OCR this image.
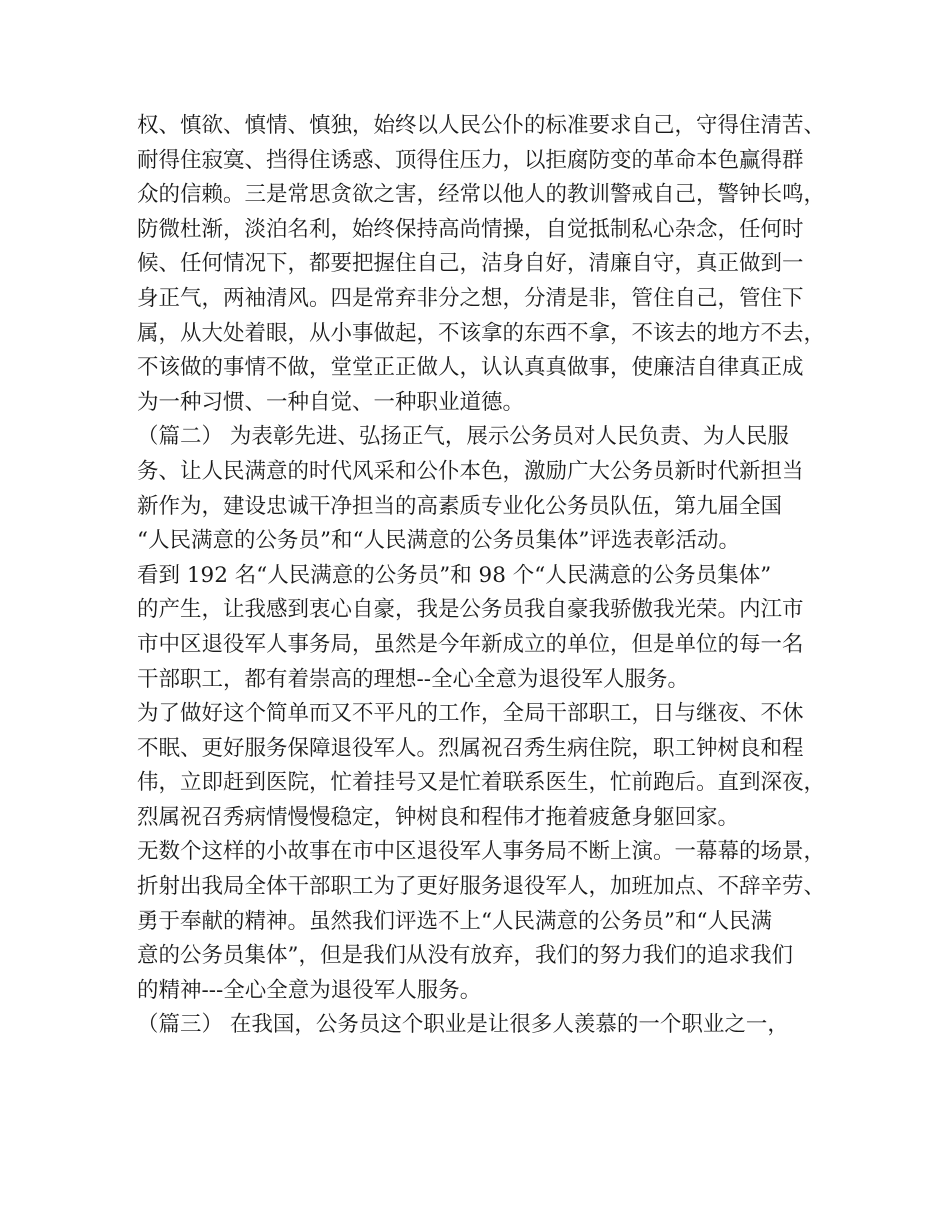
权、慎欲、慎情、慎独，始终以人民公仆的标准要求自己，守得住清苦、
耐得住寂寞、挡得住诱惑、顶得住压力，以拒腐防变的革命本色赢得群
众的信赖。三是常思贪欲之害，经常以他人的教训警戒自己，警钟长鸣，
防微杜渐，淡泊名利，始终保持高尚情操，自觉抵制私心杂念，任何时
候、任何情况下，都要把握住自己，洁身自好，清廉自守，真正做到一
身正气，两袖清风。四是常弃非分之想，分清是非，管住自己，管住下
属，从大处着眼，从小事做起，不该拿的东西不拿，不该去的地方不去，
不该做的事情不做，堂堂正正做人，认认真真做事，使廉洁自律真正成
为一种习惯、一种自觉、一种职业道德。
（篇二） 为表彰先进、弘扬正气，展示公务员对人民负责、为人民服
务、让人民满意的时代风采和公仆本色，激励广大公务员新时代新担当
新作为，建设忠诚干净担当的高素质专业化公务员队伍，第九届全国
“人民满意的公务员”和“人民满意的公务员集体”评选表彰活动。
看到 192 名“人民满意的公务员”和 98 个“人民满意的公务员集体”
的产生，让我感到衷心自豪，我是公务员我自豪我骄傲我光荣。内江市
市中区退役军人事务局，虽然是今年新成立的单位，但是单位的每一名
干部职工，都有着崇高的理想--全心全意为退役军人服务。
为了做好这个简单而又不平凡的工作，全局干部职工，日与继夜、不休
不眠、更好服务保障退役军人。烈属祝召秀生病住院，职工钟树良和程
伟，立即赶到医院，忙着挂号又是忙着联系医生，忙前跑后。直到深夜，
烈属祝召秀病情慢慢稳定，钟树良和程伟才拖着疲惫身躯回家。
无数个这样的小故事在市中区退役军人事务局不断上演。一幕幕的场景，
折射出我局全体干部职工为了更好服务退役军人，加班加点、不辞辛劳、
勇于奉献的精神。虽然我们评选不上“人民满意的公务员”和“人民满
意的公务员集体”，但是我们从没有放弃，我们的努力我们的追求我们
的精神---全心全意为退役军人服务。
（篇三） 在我国，公务员这个职业是让很多人羡慕的一个职业之一，
